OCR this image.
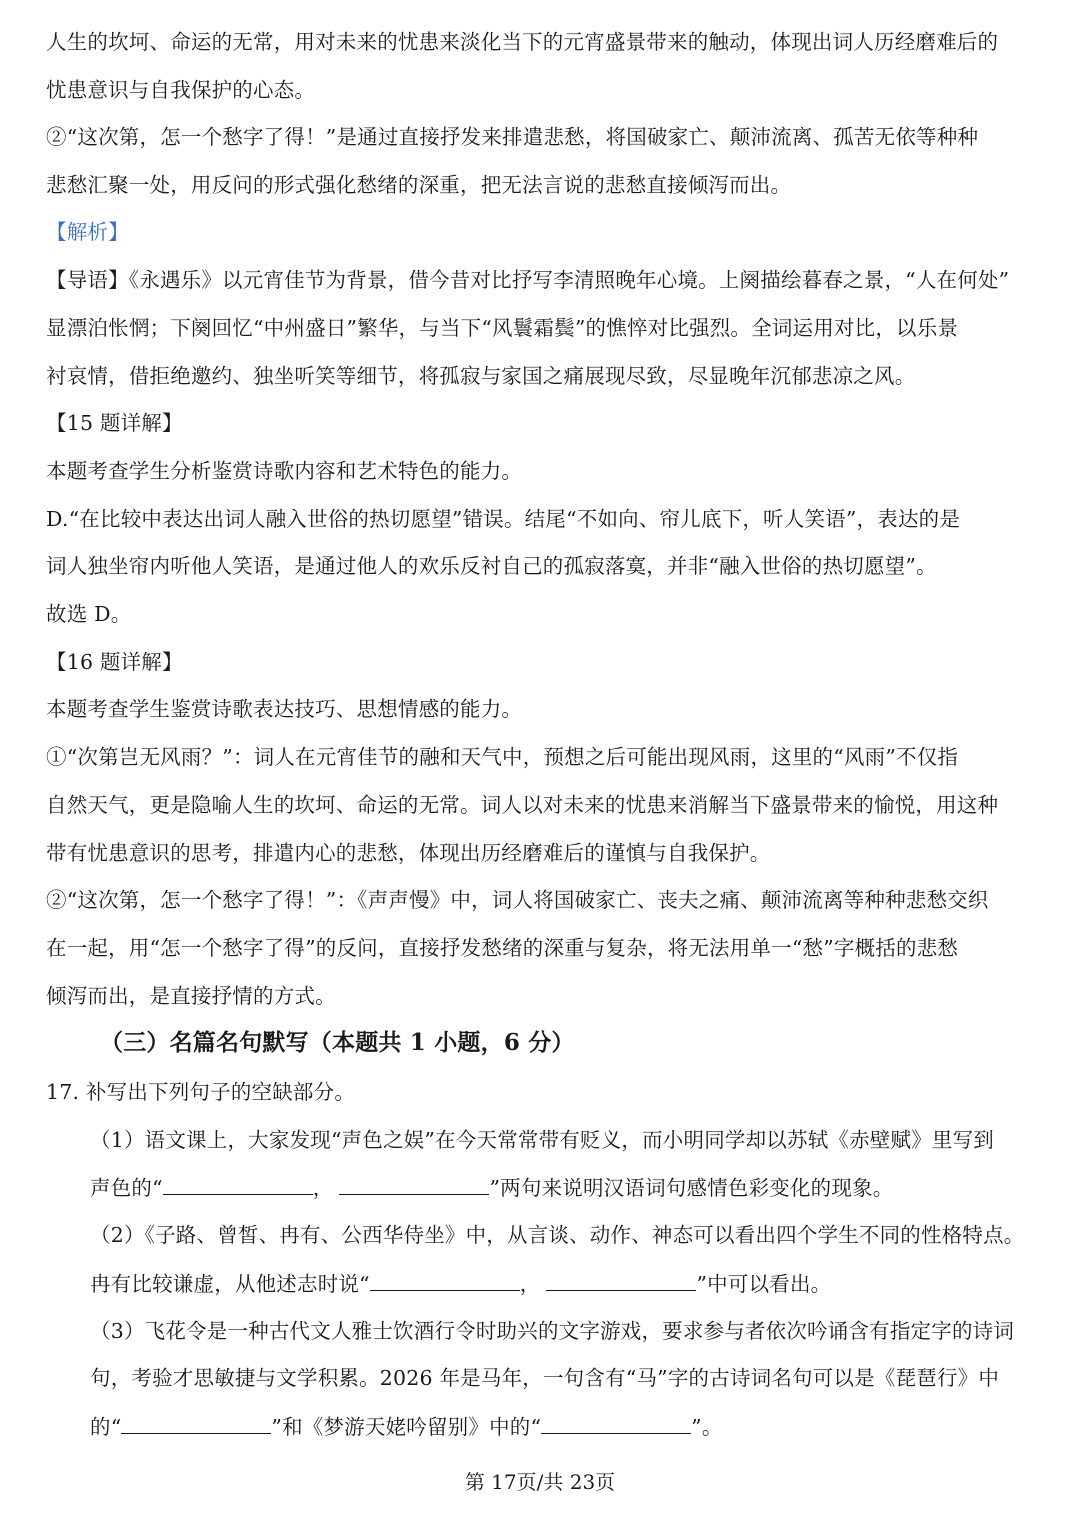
人生的坎坷、命运的无常，用对未来的忧患来淡化当下的元宵盛景带来的触动，体现出词人历经磨难后的
忧患意识与自我保护的心态。
②“这次第，怎一个愁字了得！”是通过直接抒发来排遣悲愁，将国破家亡、颠沛流离、孤苦无依等种种
悲愁汇聚一处，用反问的形式强化愁绪的深重，把无法言说的悲愁直接倾泻而出。
【解析】
【导语】《永遇乐》以元宵佳节为背景，借今昔对比抒写李清照晚年心境。上阕描绘暮春之景，“人在何处”
显漂泊怅惘；下阕回忆“中州盛日”繁华，与当下“风鬟霜鬓”的憔悴对比强烈。全词运用对比，以乐景
衬哀情，借拒绝邀约、独坐听笑等细节，将孤寂与家国之痛展现尽致，尽显晚年沉郁悲凉之风。
【15 题详解】
本题考查学生分析鉴赏诗歌内容和艺术特色的能力。
D.“在比较中表达出词人融入世俗的热切愿望”错误。结尾“不如向、帘儿底下，听人笑语”，表达的是
词人独坐帘内听他人笑语，是通过他人的欢乐反衬自己的孤寂落寞，并非“融入世俗的热切愿望”。
故选 D。
【16 题详解】
本题考查学生鉴赏诗歌表达技巧、思想情感的能力。
①“次第岂无风雨？”：词人在元宵佳节的融和天气中，预想之后可能出现风雨，这里的“风雨”不仅指
自然天气，更是隐喻人生的坎坷、命运的无常。词人以对未来的忧患来消解当下盛景带来的愉悦，用这种
带有忧患意识的思考，排遣内心的悲愁，体现出历经磨难后的谨慎与自我保护。
②“这次第，怎一个愁字了得！”：《声声慢》中，词人将国破家亡、丧夫之痛、颠沛流离等种种悲愁交织
在一起，用“怎一个愁字了得”的反问，直接抒发愁绪的深重与复杂，将无法用单一“愁”字概括的悲愁
倾泻而出，是直接抒情的方式。
（三）名篇名句默写（本题共 1 小题，6 分）
17. 补写出下列句子的空缺部分。
（1）语文课上，大家发现“声色之娱”在今天常常带有贬义，而小明同学却以苏轼《赤壁赋》里写到
声色的“	，	”两句来说明汉语词句感情色彩变化的现象。
（2）《子路、曾皙、冉有、公西华侍坐》中，从言谈、动作、神态可以看出四个学生不同的性格特点。
冉有比较谦虚，从他述志时说“	，	”中可以看出。
（3）飞花令是一种古代文人雅士饮酒行令时助兴的文字游戏，要求参与者依次吟诵含有指定字的诗词
句，考验才思敏捷与文学积累。2026 年是马年，一句含有“马”字的古诗词名句可以是《琵琶行》中
的“	”和《梦游天姥吟留别》中的“	”。
第 17页/共 23页
